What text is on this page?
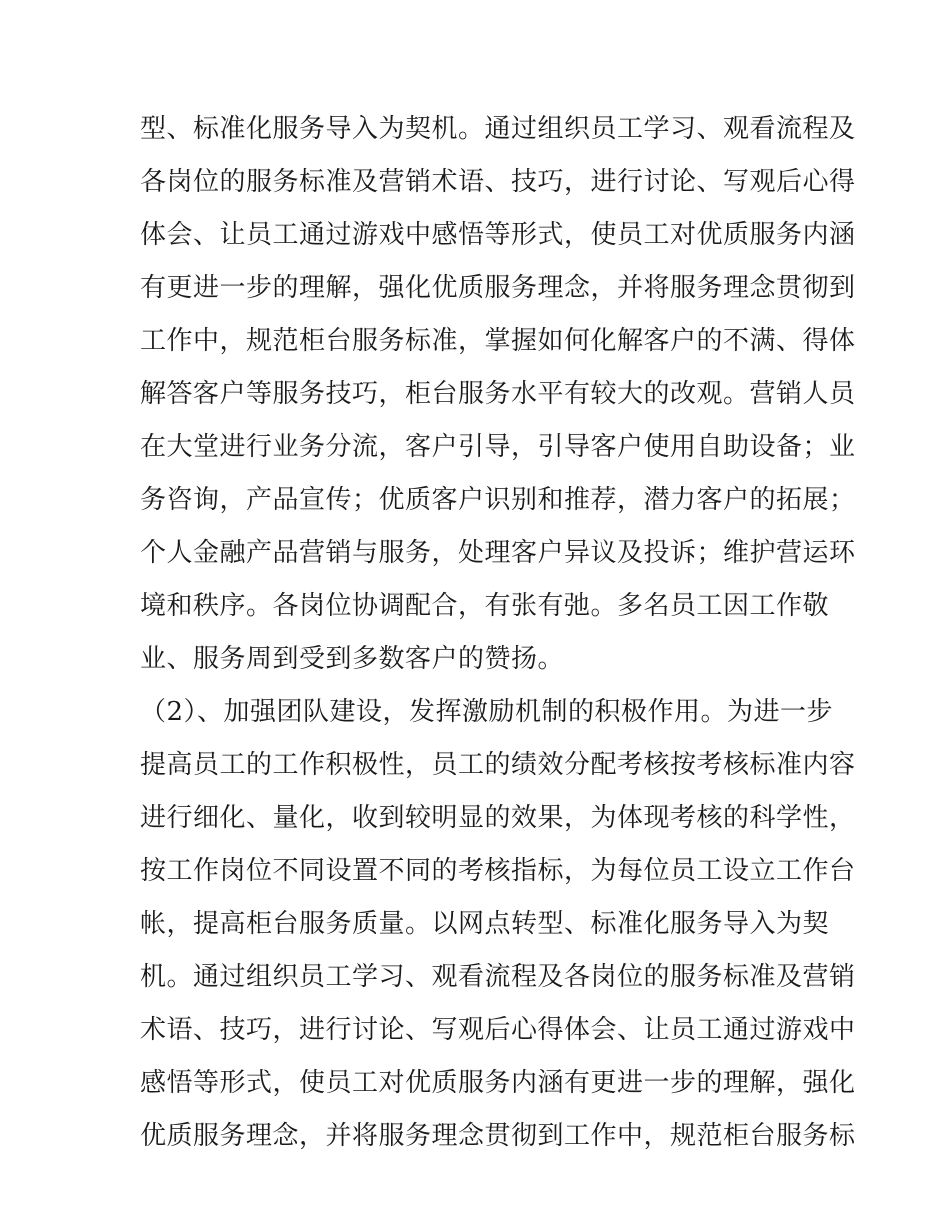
型、标准化服务导入为契机。通过组织员工学习、观看流程及
各岗位的服务标准及营销术语、技巧，进行讨论、写观后心得
体会、让员工通过游戏中感悟等形式，使员工对优质服务内涵
有更进一步的理解，强化优质服务理念，并将服务理念贯彻到
工作中，规范柜台服务标准，掌握如何化解客户的不满、得体
解答客户等服务技巧，柜台服务水平有较大的改观。营销人员
在大堂进行业务分流，客户引导，引导客户使用自助设备；业
务咨询，产品宣传；优质客户识别和推荐，潜力客户的拓展；
个人金融产品营销与服务，处理客户异议及投诉；维护营运环
境和秩序。各岗位协调配合，有张有弛。多名员工因工作敬
业、服务周到受到多数客户的赞扬。
（2）、加强团队建设，发挥激励机制的积极作用。为进一步
提高员工的工作积极性，员工的绩效分配考核按考核标准内容
进行细化、量化，收到较明显的效果，为体现考核的科学性，
按工作岗位不同设置不同的考核指标，为每位员工设立工作台
帐，提高柜台服务质量。以网点转型、标准化服务导入为契
机。通过组织员工学习、观看流程及各岗位的服务标准及营销
术语、技巧，进行讨论、写观后心得体会、让员工通过游戏中
感悟等形式，使员工对优质服务内涵有更进一步的理解，强化
优质服务理念，并将服务理念贯彻到工作中，规范柜台服务标
